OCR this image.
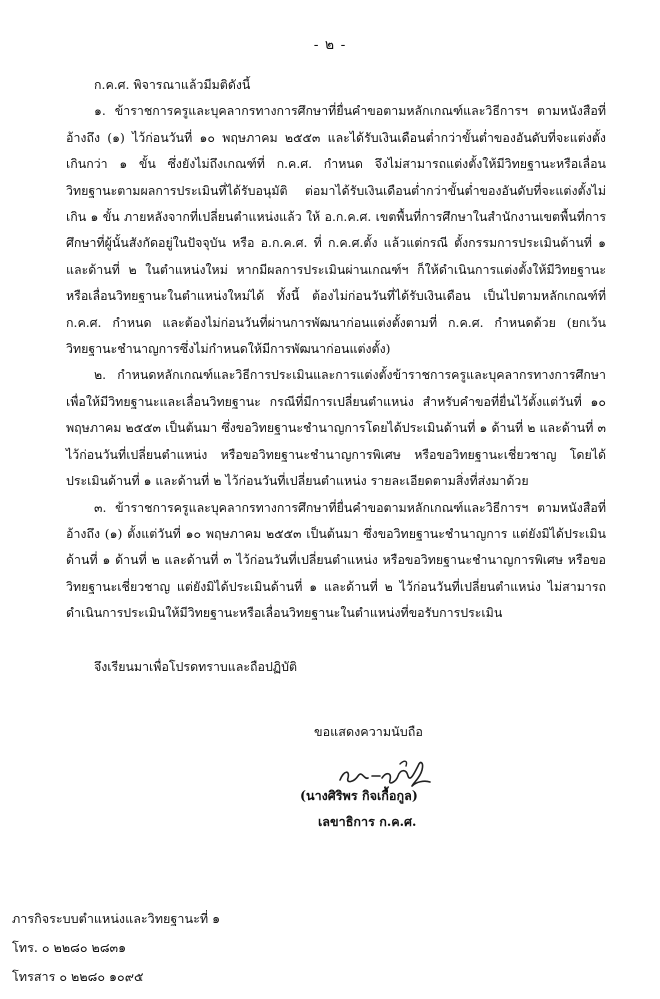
- ๒ -

ก.ค.ศ. พิจารณาแล้วมีมติดังนี้

๑. ข้าราชการครูและบุคลากรทางการศึกษาที่ยื่นคำขอตามหลักเกณฑ์และวิธีการฯ ตามหนังสือที่อ้างถึง (๑) ไว้ก่อนวันที่ ๑๐ พฤษภาคม ๒๕๕๓ และได้รับเงินเดือนต่ำกว่าขั้นต่ำของอันดับที่จะแต่งตั้งเกินกว่า ๑ ขั้น ซึ่งยังไม่ถึงเกณฑ์ที่ ก.ค.ศ. กำหนด จึงไม่สามารถแต่งตั้งให้มีวิทยฐานะหรือเลื่อนวิทยฐานะตามผลการประเมินที่ได้รับอนุมัติ ต่อมาได้รับเงินเดือนต่ำกว่าขั้นต่ำของอันดับที่จะแต่งตั้งไม่เกิน ๑ ขั้น ภายหลังจากที่เปลี่ยนตำแหน่งแล้ว ให้ อ.ก.ค.ศ. เขตพื้นที่การศึกษาในสำนักงานเขตพื้นที่การศึกษาที่ผู้นั้นสังกัดอยู่ในปัจจุบัน หรือ อ.ก.ค.ศ. ที่ ก.ค.ศ.ตั้ง แล้วแต่กรณี ตั้งกรรมการประเมินด้านที่ ๑ และด้านที่ ๒ ในตำแหน่งใหม่ หากมีผลการประเมินผ่านเกณฑ์ฯ ก็ให้ดำเนินการแต่งตั้งให้มีวิทยฐานะหรือเลื่อนวิทยฐานะในตำแหน่งใหม่ได้ ทั้งนี้ ต้องไม่ก่อนวันที่ได้รับเงินเดือน เป็นไปตามหลักเกณฑ์ที่ ก.ค.ศ. กำหนด และต้องไม่ก่อนวันที่ผ่านการพัฒนาก่อนแต่งตั้งตามที่ ก.ค.ศ. กำหนดด้วย (ยกเว้นวิทยฐานะชำนาญการซึ่งไม่กำหนดให้มีการพัฒนาก่อนแต่งตั้ง)

๒. กำหนดหลักเกณฑ์และวิธีการประเมินและการแต่งตั้งข้าราชการครูและบุคลากรทางการศึกษา เพื่อให้มีวิทยฐานะและเลื่อนวิทยฐานะ กรณีที่มีการเปลี่ยนตำแหน่ง สำหรับคำขอที่ยื่นไว้ตั้งแต่วันที่ ๑๐ พฤษภาคม ๒๕๕๓ เป็นต้นมา ซึ่งขอวิทยฐานะชำนาญการโดยได้ประเมินด้านที่ ๑ ด้านที่ ๒ และด้านที่ ๓ ไว้ก่อนวันที่เปลี่ยนตำแหน่ง หรือขอวิทยฐานะชำนาญการพิเศษ หรือขอวิทยฐานะเชี่ยวชาญ โดยได้ประเมินด้านที่ ๑ และด้านที่ ๒ ไว้ก่อนวันที่เปลี่ยนตำแหน่ง รายละเอียดตามสิ่งที่ส่งมาด้วย

๓. ข้าราชการครูและบุคลากรทางการศึกษาที่ยื่นคำขอตามหลักเกณฑ์และวิธีการฯ ตามหนังสือที่อ้างถึง (๑) ตั้งแต่วันที่ ๑๐ พฤษภาคม ๒๕๕๓ เป็นต้นมา ซึ่งขอวิทยฐานะชำนาญการ แต่ยังมิได้ประเมินด้านที่ ๑ ด้านที่ ๒ และด้านที่ ๓ ไว้ก่อนวันที่เปลี่ยนตำแหน่ง หรือขอวิทยฐานะชำนาญการพิเศษ หรือขอวิทยฐานะเชี่ยวชาญ แต่ยังมิได้ประเมินด้านที่ ๑ และด้านที่ ๒ ไว้ก่อนวันที่เปลี่ยนตำแหน่ง ไม่สามารถดำเนินการประเมินให้มีวิทยฐานะหรือเลื่อนวิทยฐานะในตำแหน่งที่ขอรับการประเมิน

จึงเรียนมาเพื่อโปรดทราบและถือปฏิบัติ

ขอแสดงความนับถือ
(นางศิริพร กิจเกื้อกูล)
เลขาธิการ ก.ค.ศ.
ภารกิจระบบตำแหน่งและวิทยฐานะที่ ๑
โทร. ๐ ๒๒๘๐ ๒๘๓๑
โทรสาร ๐ ๒๒๘๐ ๑๐๙๕
